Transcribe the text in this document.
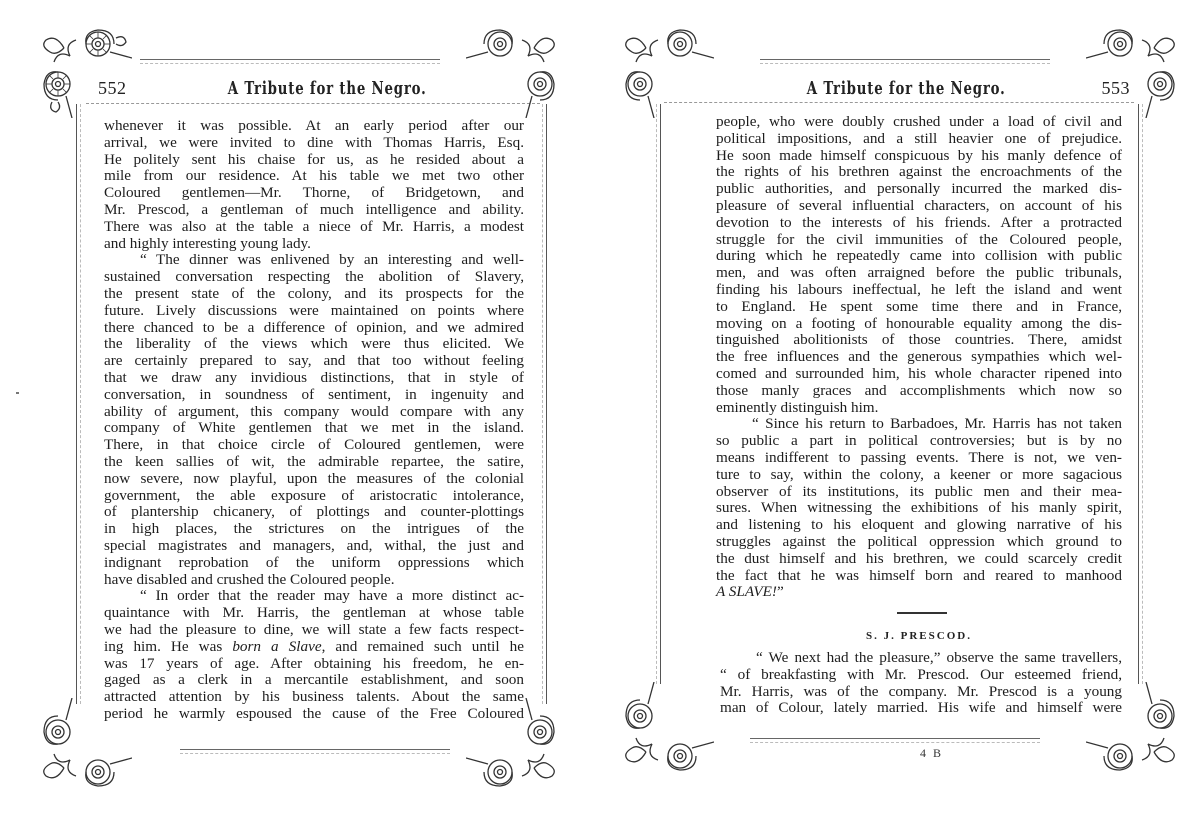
552	A Tribute for the Negro.
whenever it was possible. At an early period after our
arrival, we were invited to dine with Thomas Harris, Esq.
He politely sent his chaise for us, as he resided about a
mile from our residence. At his table we met two other
Coloured gentlemen—Mr. Thorne, of Bridgetown, and
Mr. Prescod, a gentleman of much intelligence and ability.
There was also at the table a niece of Mr. Harris, a modest
and highly interesting young lady.
“ The dinner was enlivened by an interesting and well-
sustained conversation respecting the abolition of Slavery,
the present state of the colony, and its prospects for the
future. Lively discussions were maintained on points where
there chanced to be a difference of opinion, and we admired
the liberality of the views which were thus elicited. We
are certainly prepared to say, and that too without feeling
that we draw any invidious distinctions, that in style of
conversation, in soundness of sentiment, in ingenuity and
ability of argument, this company would compare with any
company of White gentlemen that we met in the island.
There, in that choice circle of Coloured gentlemen, were
the keen sallies of wit, the admirable repartee, the satire,
now severe, now playful, upon the measures of the colonial
government, the able exposure of aristocratic intolerance,
of plantership chicanery, of plottings and counter-plottings
in high places, the strictures on the intrigues of the
special magistrates and managers, and, withal, the just and
indignant reprobation of the uniform oppressions which
have disabled and crushed the Coloured people.
“ In order that the reader may have a more distinct ac-
quaintance with Mr. Harris, the gentleman at whose table
we had the pleasure to dine, we will state a few facts respect-
ing him. He was born a Slave, and remained such until he
was 17 years of age. After obtaining his freedom, he en-
gaged as a clerk in a mercantile establishment, and soon
attracted attention by his business talents. About the same
period he warmly espoused the cause of the Free Coloured
A Tribute for the Negro.	553
people, who were doubly crushed under a load of civil and
political impositions, and a still heavier one of prejudice.
He soon made himself conspicuous by his manly defence of
the rights of his brethren against the encroachments of the
public authorities, and personally incurred the marked dis-
pleasure of several influential characters, on account of his
devotion to the interests of his friends. After a protracted
struggle for the civil immunities of the Coloured people,
during which he repeatedly came into collision with public
men, and was often arraigned before the public tribunals,
finding his labours ineffectual, he left the island and went
to England. He spent some time there and in France,
moving on a footing of honourable equality among the dis-
tinguished abolitionists of those countries. There, amidst
the free influences and the generous sympathies which wel-
comed and surrounded him, his whole character ripened into
those manly graces and accomplishments which now so
eminently distinguish him.
“ Since his return to Barbadoes, Mr. Harris has not taken
so public a part in political controversies; but is by no
means indifferent to passing events. There is not, we ven-
ture to say, within the colony, a keener or more sagacious
observer of its institutions, its public men and their mea-
sures. When witnessing the exhibitions of his manly spirit,
and listening to his eloquent and glowing narrative of his
struggles against the political oppression which ground to
the dust himself and his brethren, we could scarcely credit
the fact that he was himself born and reared to manhood
A SLAVE!”
S. J. PRESCOD.
“ We next had the pleasure,” observe the same travellers,
“ of breakfasting with Mr. Prescod. Our esteemed friend,
Mr. Harris, was of the company. Mr. Prescod is a young
man of Colour, lately married. His wife and himself were
4 B
